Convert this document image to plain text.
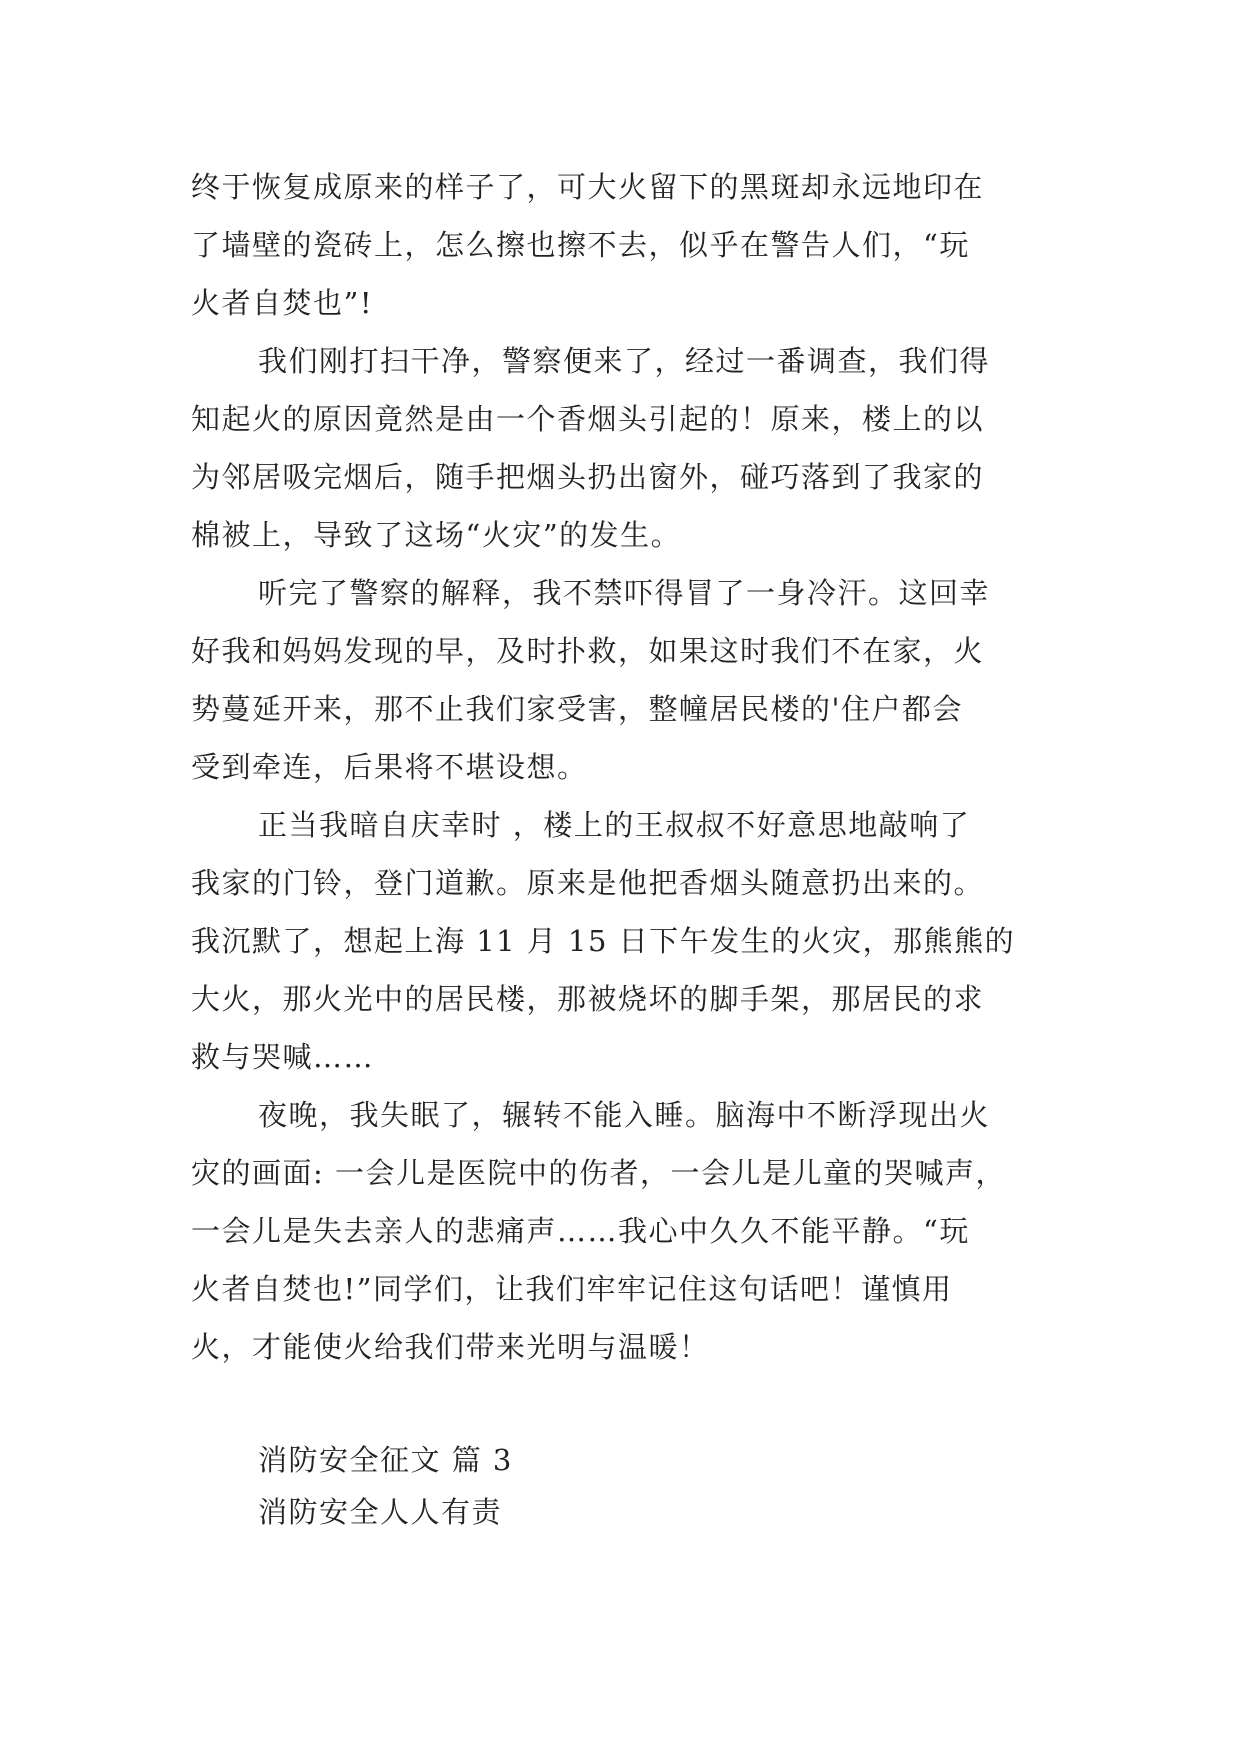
终于恢复成原来的样子了，可大火留下的黑斑却永远地印在
了墙壁的瓷砖上，怎么擦也擦不去，似乎在警告人们，“玩
火者自焚也”!
我们刚打扫干净，警察便来了，经过一番调查，我们得
知起火的原因竟然是由一个香烟头引起的！原来，楼上的以
为邻居吸完烟后，随手把烟头扔出窗外，碰巧落到了我家的
棉被上，导致了这场“火灾”的发生。
听完了警察的解释，我不禁吓得冒了一身冷汗。这回幸
好我和妈妈发现的早，及时扑救，如果这时我们不在家，火
势蔓延开来，那不止我们家受害，整幢居民楼的'住户都会
受到牵连，后果将不堪设想。
正当我暗自庆幸时 ，楼上的王叔叔不好意思地敲响了
我家的门铃，登门道歉。原来是他把香烟头随意扔出来的。
我沉默了，想起上海 11 月 15 日下午发生的火灾，那熊熊的
大火，那火光中的居民楼，那被烧坏的脚手架，那居民的求
救与哭喊……
夜晚，我失眠了，辗转不能入睡。脑海中不断浮现出火
灾的画面: 一会儿是医院中的伤者，一会儿是儿童的哭喊声，
一会儿是失去亲人的悲痛声……我心中久久不能平静。“玩
火者自焚也!”同学们，让我们牢牢记住这句话吧！谨慎用
火，才能使火给我们带来光明与温暖！
消防安全征文 篇 3
消防安全人人有责
